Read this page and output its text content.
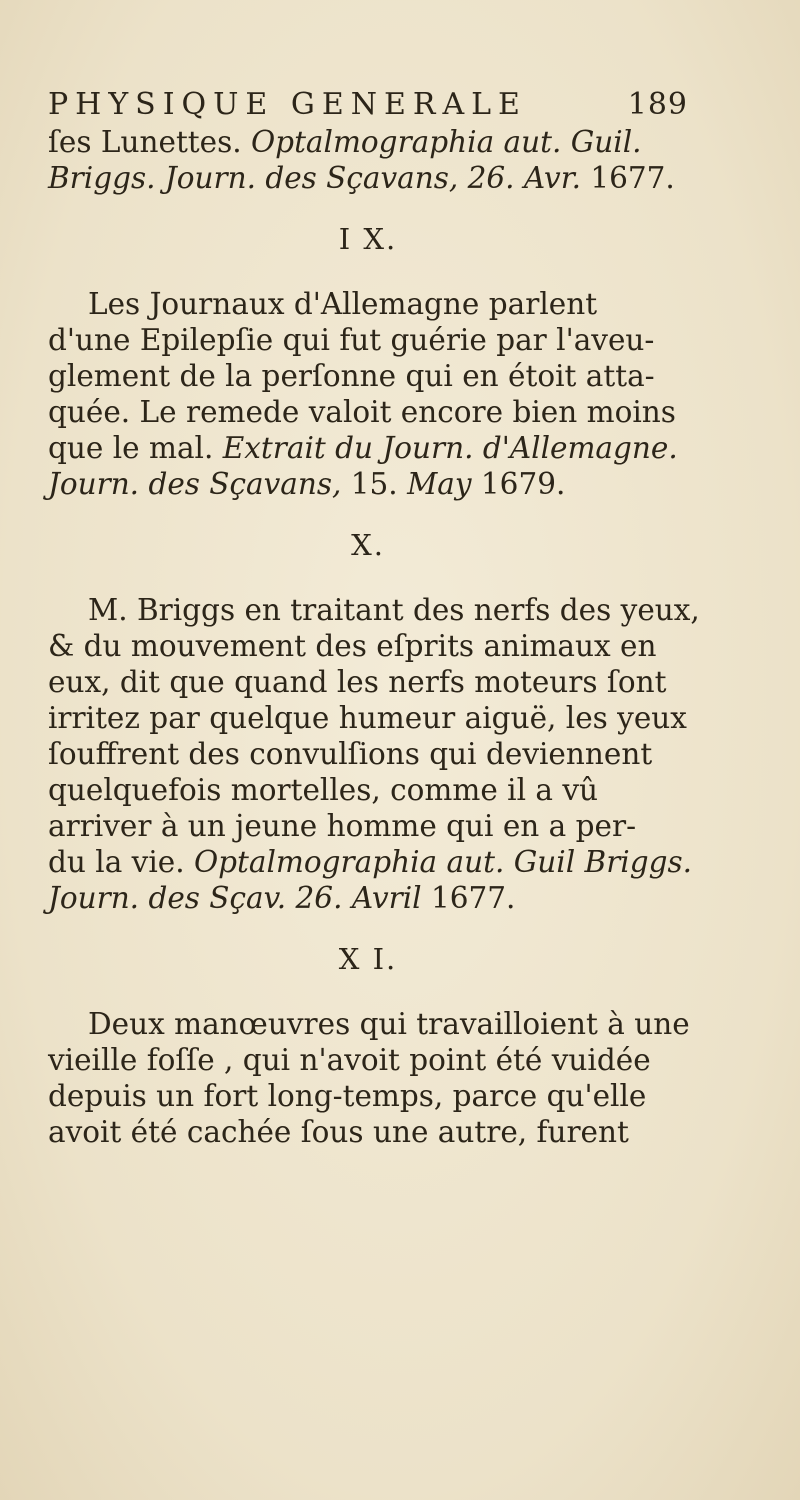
PHYSIQUE GENERALE	189
ſes Lunettes. Optalmographia aut. Guil.
Briggs. Journ. des Sçavans, 26. Avr. 1677.
I X.
Les Journaux d'Allemagne parlent
d'une Epilepſie qui fut guérie par l'aveu-
glement de la perſonne qui en étoit atta-
quée. Le remede valoit encore bien moins
que le mal. Extrait du Journ. d'Allemagne.
Journ. des Sçavans, 15. May 1679.
X.
M. Briggs en traitant des nerfs des yeux,
& du mouvement des eſprits animaux en
eux, dit que quand les nerfs moteurs ſont
irritez par quelque humeur aiguë, les yeux
ſouffrent des convulſions qui deviennent
quelquefois mortelles, comme il a vû
arriver à un jeune homme qui en a per-
du la vie. Optalmographia aut. Guil Briggs.
Journ. des Sçav. 26. Avril 1677.
X I.
Deux manœuvres qui travailloient à une
vieille foſſe , qui n'avoit point été vuidée
depuis un fort long-temps, parce qu'elle
avoit été cachée ſous une autre, furent
